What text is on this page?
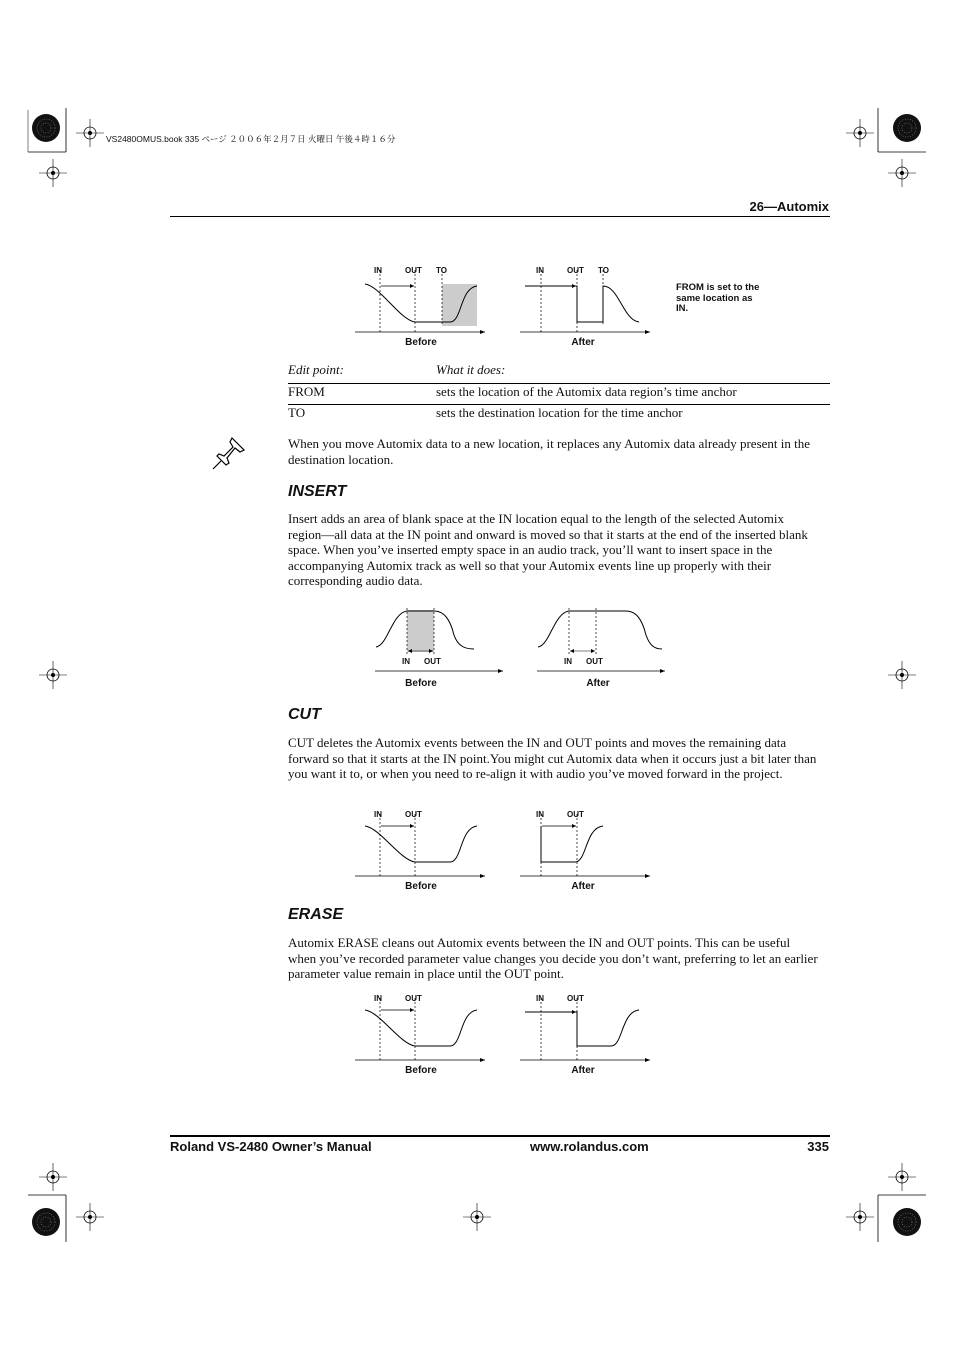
VS2480OMUS.book 335 ページ ２００６年２月７日 火曜日 午後４時１６分
26—Automix
IN	OUT TO
Before
IN	OUT TO
After
FROM is set to the same location as IN.
Edit point:	What it does:
FROM	sets the location of the Automix data region’s time anchor
TO	sets the destination location for the time anchor
When you move Automix data to a new location, it replaces any Automix data already present in the destination location.
INSERT
Insert adds an area of blank space at the IN location equal to the length of the selected Automix region—all data at the IN point and onward is moved so that it starts at the end of the inserted blank space. When you’ve inserted empty space in an audio track, you’ll want to insert space in the accompanying Automix track as well so that your Automix events line up properly with their corresponding audio data.
IN OUT
Before
IN OUT
After
CUT
CUT deletes the Automix events between the IN and OUT points and moves the remaining data forward so that it starts at the IN point.You might cut Automix data when it occurs just a bit later than you want it to, or when you need to re-align it with audio you’ve moved forward in the project.
IN	OUT
Before
IN	OUT
After
ERASE
Automix ERASE cleans out Automix events between the IN and OUT points. This can be useful when you’ve recorded parameter value changes you decide you don’t want, preferring to let an earlier parameter value remain in place until the OUT point.
IN	OUT
Before
IN	OUT
After
Roland VS-2480 Owner’s Manual	www.rolandus.com	335
